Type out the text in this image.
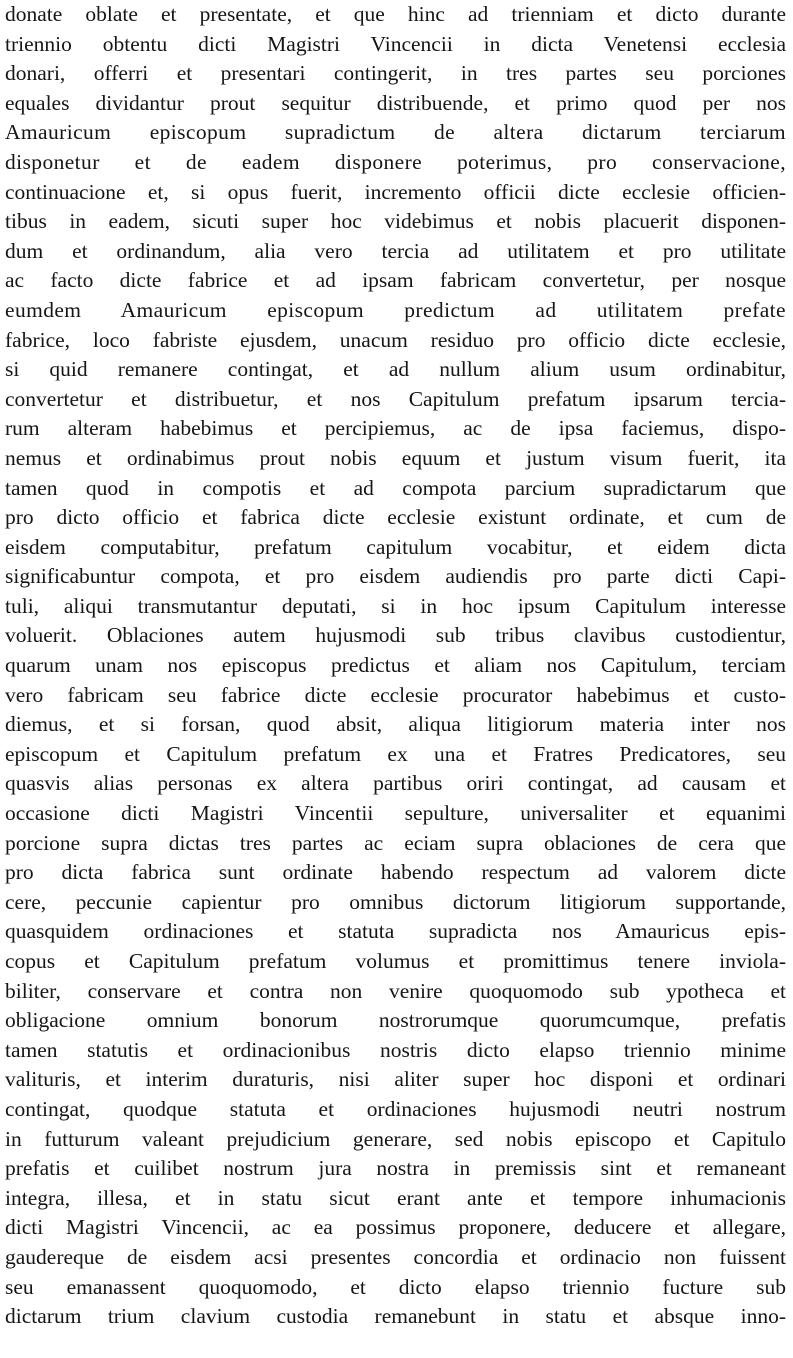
donate oblate et presentate, et que hinc ad trienniam et dicto durante
triennio obtentu dicti Magistri Vincencii in dicta Venetensi ecclesia
donari, offerri et presentari contingerit, in tres partes seu porciones
equales dividantur prout sequitur distribuende, et primo quod per nos
Amauricum episcopum supradictum de altera dictarum terciarum
disponetur et de eadem disponere poterimus, pro conservacione,
continuacione et, si opus fuerit, incremento officii dicte ecclesie officien-
tibus in eadem, sicuti super hoc videbimus et nobis placuerit disponen-
dum et ordinandum, alia vero tercia ad utilitatem et pro utilitate
ac facto dicte fabrice et ad ipsam fabricam convertetur, per nosque
eumdem Amauricum episcopum predictum ad utilitatem prefate
fabrice, loco fabriste ejusdem, unacum residuo pro officio dicte ecclesie,
si quid remanere contingat, et ad nullum alium usum ordinabitur,
convertetur et distribuetur, et nos Capitulum prefatum ipsarum tercia-
rum alteram habebimus et percipiemus, ac de ipsa faciemus, dispo-
nemus et ordinabimus prout nobis equum et justum visum fuerit, ita
tamen quod in compotis et ad compota parcium supradictarum que
pro dicto officio et fabrica dicte ecclesie existunt ordinate, et cum de
eisdem computabitur, prefatum capitulum vocabitur, et eidem dicta
significabuntur compota, et pro eisdem audiendis pro parte dicti Capi-
tuli, aliqui transmutantur deputati, si in hoc ipsum Capitulum interesse
voluerit. Oblaciones autem hujusmodi sub tribus clavibus custodientur,
quarum unam nos episcopus predictus et aliam nos Capitulum, terciam
vero fabricam seu fabrice dicte ecclesie procurator habebimus et custo-
diemus, et si forsan, quod absit, aliqua litigiorum materia inter nos
episcopum et Capitulum prefatum ex una et Fratres Predicatores, seu
quasvis alias personas ex altera partibus oriri contingat, ad causam et
occasione dicti Magistri Vincentii sepulture, universaliter et equanimi
porcione supra dictas tres partes ac eciam supra oblaciones de cera que
pro dicta fabrica sunt ordinate habendo respectum ad valorem dicte
cere, peccunie capientur pro omnibus dictorum litigiorum supportande,
quasquidem ordinaciones et statuta supradicta nos Amauricus epis-
copus et Capitulum prefatum volumus et promittimus tenere inviola-
biliter, conservare et contra non venire quoquomodo sub ypotheca et
obligacione omnium bonorum nostrorumque quorumcumque, prefatis
tamen statutis et ordinacionibus nostris dicto elapso triennio minime
valituris, et interim duraturis, nisi aliter super hoc disponi et ordinari
contingat, quodque statuta et ordinaciones hujusmodi neutri nostrum
in futturum valeant prejudicium generare, sed nobis episcopo et Capitulo
prefatis et cuilibet nostrum jura nostra in premissis sint et remaneant
integra, illesa, et in statu sicut erant ante et tempore inhumacionis
dicti Magistri Vincencii, ac ea possimus proponere, deducere et allegare,
gaudereque de eisdem acsi presentes concordia et ordinacio non fuissent
seu emanassent quoquomodo, et dicto elapso triennio fucture sub
dictarum trium clavium custodia remanebunt in statu et absque inno-
